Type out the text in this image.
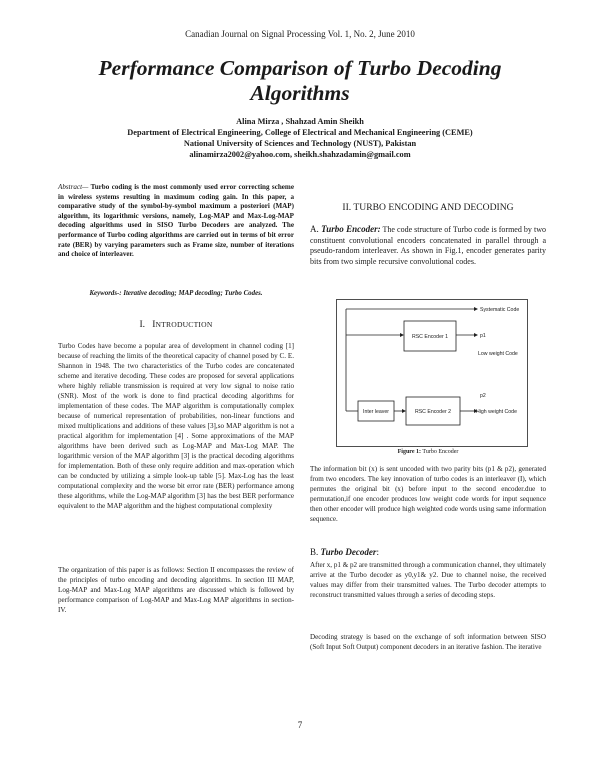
Canadian Journal on Signal Processing Vol. 1, No. 2, June 2010
Performance Comparison of Turbo Decoding
Algorithms
Alina Mirza , Shahzad Amin Sheikh
Department of Electrical Engineering, College of Electrical and Mechanical Engineering (CEME)
National University of Sciences and Technology (NUST), Pakistan
alinamirza2002@yahoo.com, sheikh.shahzadamin@gmail.com
Abstract— Turbo coding is the most commonly used error correcting scheme in wireless systems resulting in maximum coding gain. In this paper, a comparative study of the symbol-by-symbol maximum a posteriori (MAP) algorithm, its logarithmic versions, namely, Log-MAP and Max-Log-MAP decoding algorithms used in SISO Turbo Decoders are analyzed. The performance of Turbo coding algorithms are carried out in terms of bit error rate (BER) by varying parameters such as Frame size, number of iterations and choice of interleaver.
Keywords-: Iterative decoding; MAP decoding; Turbo Codes.
I. INTRODUCTION
Turbo Codes have become a popular area of development in channel coding [1] because of reaching the limits of the theoretical capacity of channel posed by C. E. Shannon in 1948. The two characteristics of the Turbo codes are concatenated scheme and iterative decoding. These codes are proposed for several applications where highly reliable transmission is required at very low signal to noise ratio (SNR). Most of the work is done to find practical decoding algorithms for implementation of these codes. The MAP algorithm is computationally complex because of numerical representation of probabilities, non-linear functions and mixed multiplications and additions of these values [3],so MAP algorithm is not a practical algorithm for implementation [4] . Some approximations of the MAP algorithms have been derived such as Log-MAP and Max-Log MAP. The logarithmic version of the MAP algorithm [3] is the practical decoding algorithms for implementation. Both of these only require addition and max-operation which can be conducted by utilizing a simple look-up table [5]. Max-Log has the least computational complexity and the worse bit error rate (BER) performance among these algorithms, while the Log-MAP algorithm [3] has the best BER performance equivalent to the MAP algorithm and the highest computational complexity
The organization of this paper is as follows: Section II encompasses the review of the principles of turbo encoding and decoding algorithms. In section III MAP, Log-MAP and Max-Log MAP algorithms are discussed which is followed by performance comparison of Log-MAP and Max-Log MAP algorithms in section-IV.
II. TURBO ENCODING AND DECODING
A. Turbo Encoder: The code structure of Turbo code is formed by two constituent convolutional encoders concatenated in parallel through a pseudo-random interleaver. As shown in Fig.1, encoder generates parity bits from two simple recursive convolutional codes.
RSC Encoder 1
Inter leaver	RSC Encoder 2
Systematic Code
p1
Low weight Code
p2
High weight Code
Figure 1: Turbo Encoder
The information bit (x) is sent uncoded with two parity bits (p1 & p2), generated from two encoders. The key innovation of turbo codes is an interleaver (I), which permutes the original bit (x) before input to the second encoder.due to permutation,if one encoder produces low weight code words for input sequence then other encoder will produce high weighted code words using same information sequence.
B. Turbo Decoder:
After x, p1 & p2 are transmitted through a communication channel, they ultimately arrive at the Turbo decoder as y0,y1& y2. Due to channel noise, the received values may differ from their transmitted values. The Turbo decoder attempts to reconstruct transmitted values through a series of decoding steps.
Decoding strategy is based on the exchange of soft information between SISO (Soft Input Soft Output) component decoders in an iterative fashion. The iterative
7
